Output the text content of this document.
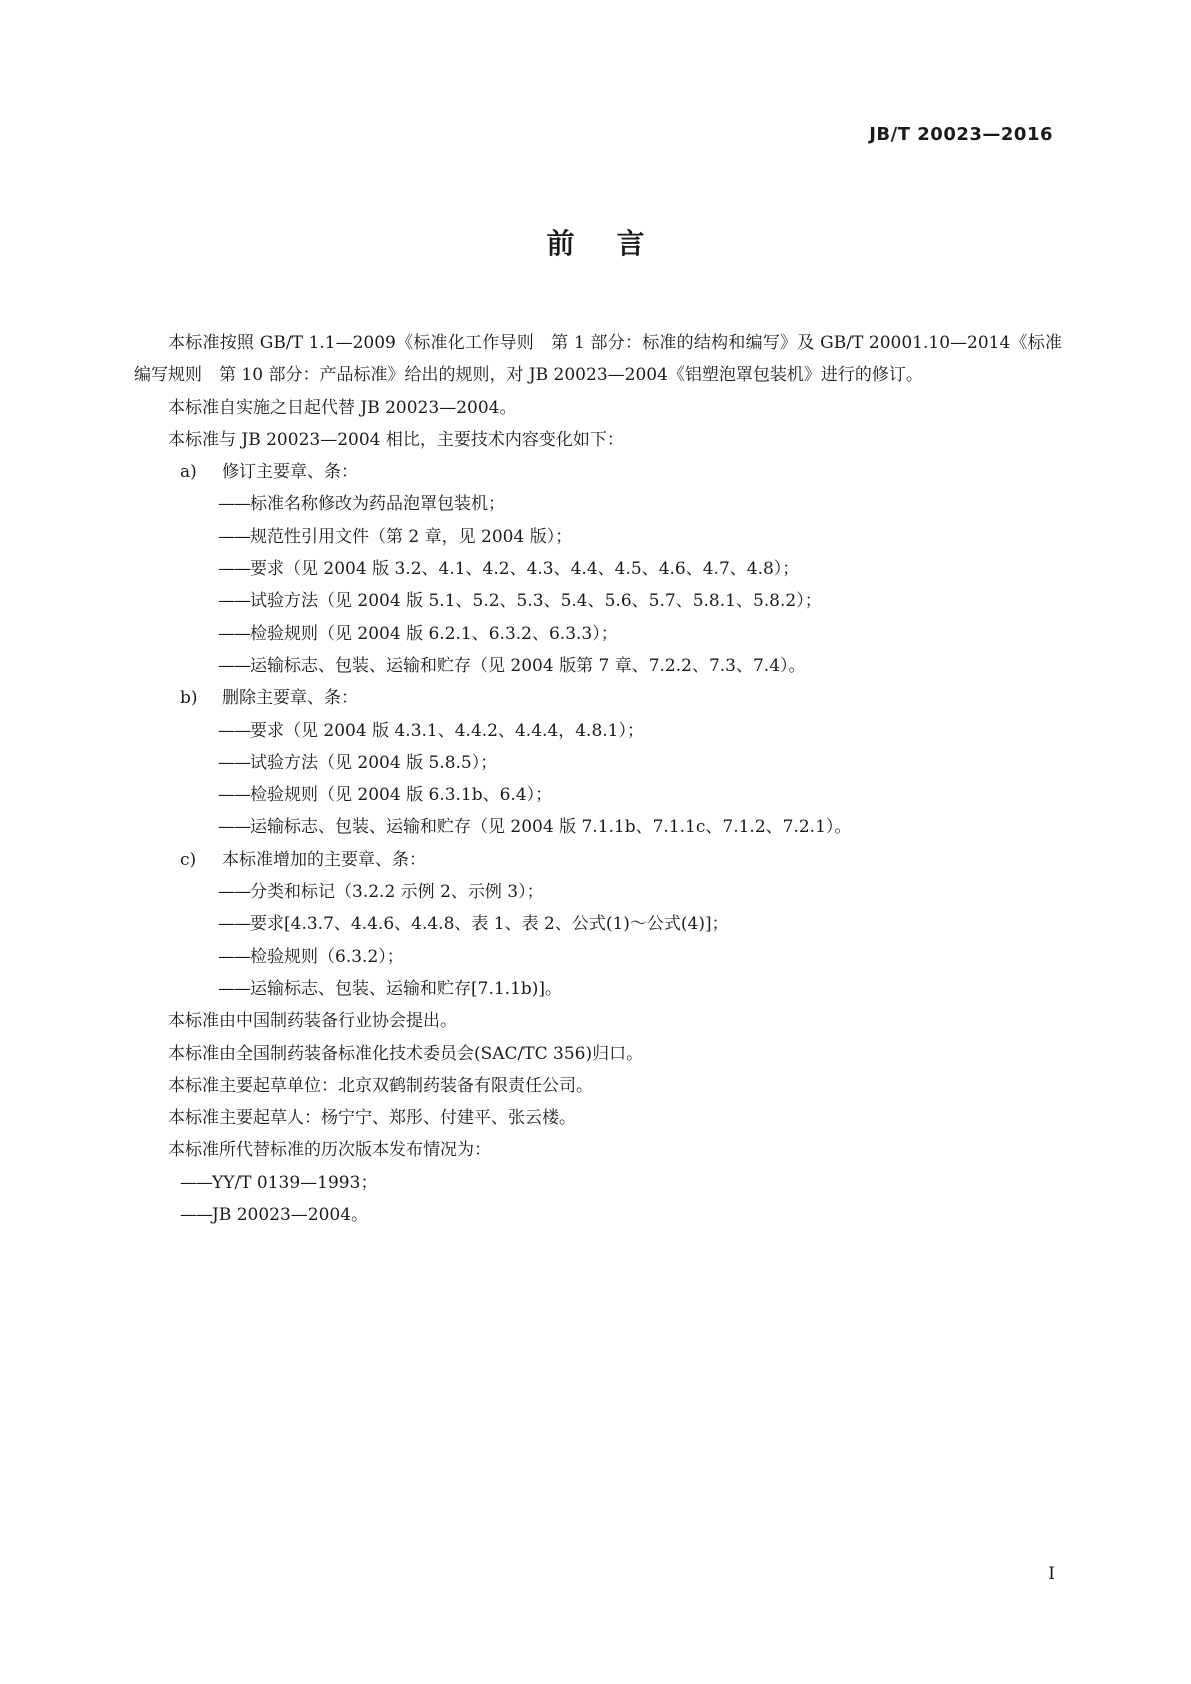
JB/T 20023—2016
前言

本标准按照 GB/T 1.1—2009《标准化工作导则　第 1 部分：标准的结构和编写》及 GB/T 20001.10—2014《标准编写规则　第 10 部分：产品标准》给出的规则，对 JB 20023—2004《铝塑泡罩包装机》进行的修订。

本标准自实施之日起代替 JB 20023—2004。

本标准与 JB 20023—2004 相比，主要技术内容变化如下：

a) 修订主要章、条：

——标准名称修改为药品泡罩包装机；

——规范性引用文件（第 2 章，见 2004 版）；

——要求（见 2004 版 3.2、4.1、4.2、4.3、4.4、4.5、4.6、4.7、4.8）；

——试验方法（见 2004 版 5.1、5.2、5.3、5.4、5.6、5.7、5.8.1、5.8.2）；

——检验规则（见 2004 版 6.2.1、6.3.2、6.3.3）；

——运输标志、包装、运输和贮存（见 2004 版第 7 章、7.2.2、7.3、7.4）。

b) 删除主要章、条：

——要求（见 2004 版 4.3.1、4.4.2、4.4.4，4.8.1）；

——试验方法（见 2004 版 5.8.5）；

——检验规则（见 2004 版 6.3.1b、6.4）；

——运输标志、包装、运输和贮存（见 2004 版 7.1.1b、7.1.1c、7.1.2、7.2.1）。

c) 本标准增加的主要章、条：

——分类和标记（3.2.2 示例 2、示例 3）；

——要求[4.3.7、4.4.6、4.4.8、表 1、表 2、公式(1)～公式(4)]；

——检验规则（6.3.2）；

——运输标志、包装、运输和贮存[7.1.1b)]。

本标准由中国制药装备行业协会提出。

本标准由全国制药装备标准化技术委员会(SAC/TC 356)归口。

本标准主要起草单位：北京双鹤制药装备有限责任公司。

本标准主要起草人：杨宁宁、郑彤、付建平、张云楼。

本标准所代替标准的历次版本发布情况为：

——YY/T 0139—1993；

——JB 20023—2004。

I
